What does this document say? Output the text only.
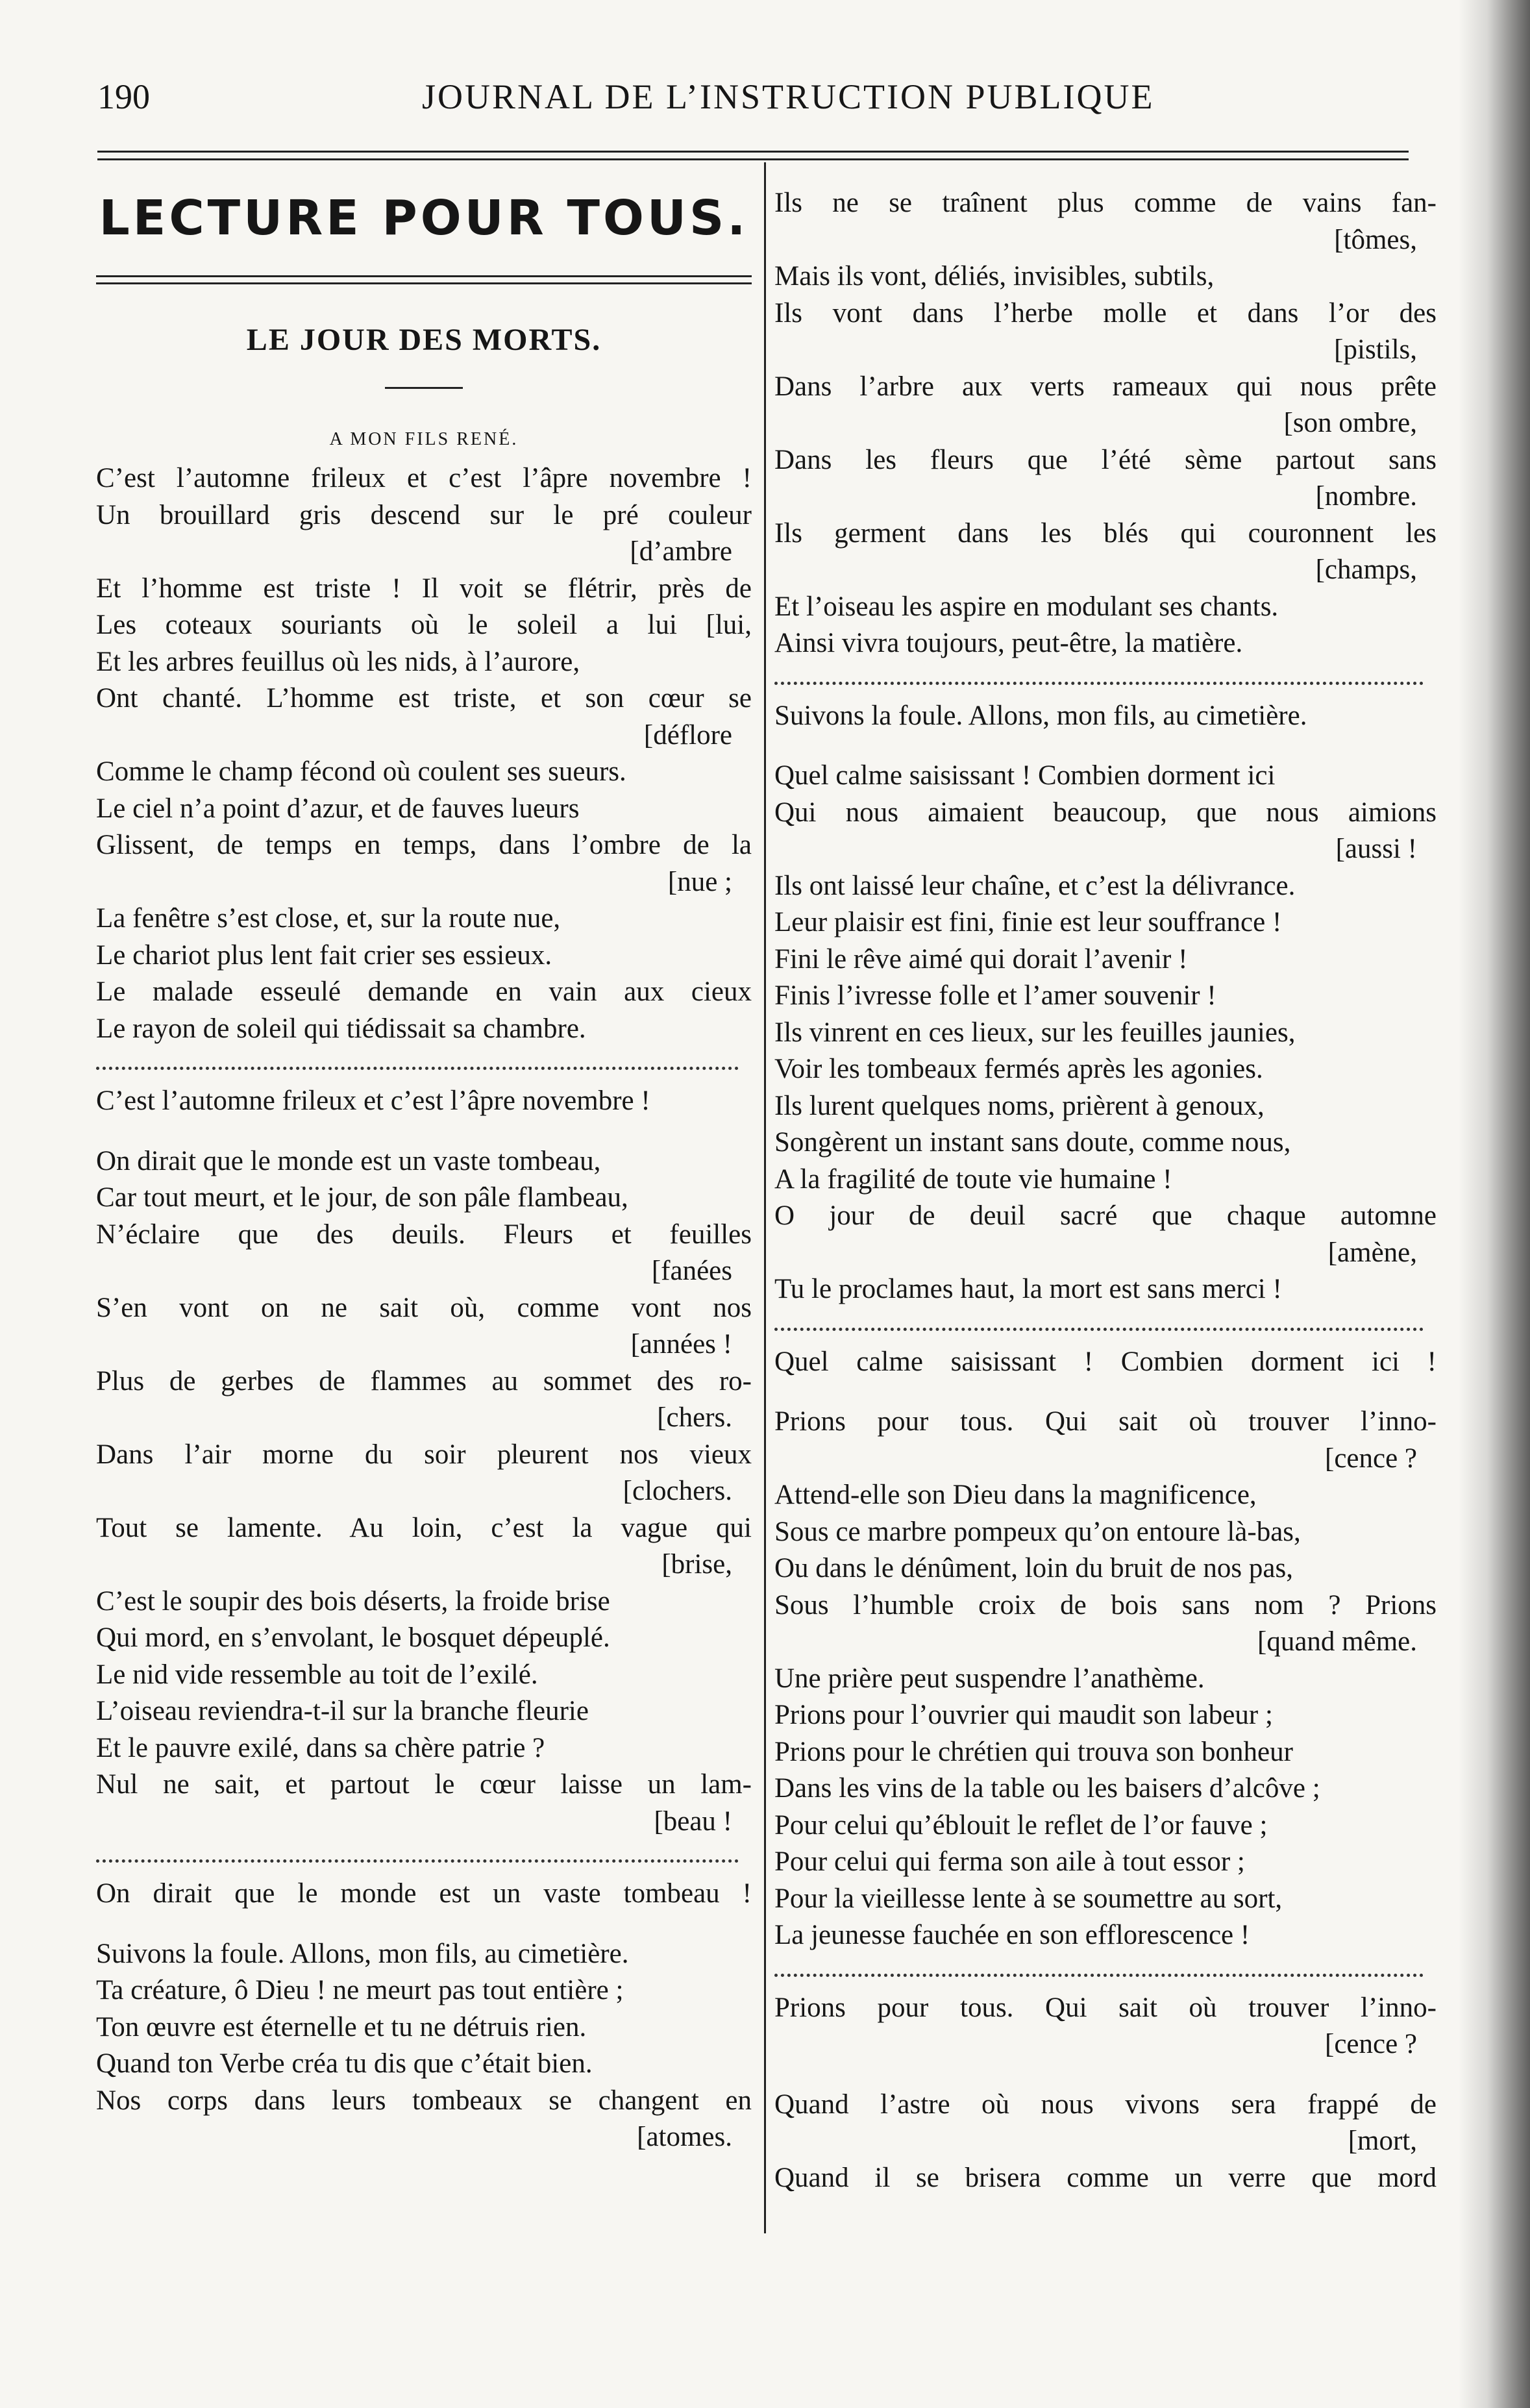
190	JOURNAL DE L’INSTRUCTION PUBLIQUE
LECTURE POUR TOUS.
LE JOUR DES MORTS.
A MON FILS RENÉ.
C’est l’automne frileux et c’est l’âpre novembre !
Un brouillard gris descend sur le pré couleur
[d’ambre
Et l’homme est triste ! Il voit se flétrir, près de
Les coteaux souriants où le soleil a lui [lui,
Et les arbres feuillus où les nids, à l’aurore,
Ont chanté. L’homme est triste, et son cœur se
[déflore
Comme le champ fécond où coulent ses sueurs.
Le ciel n’a point d’azur, et de fauves lueurs
Glissent, de temps en temps, dans l’ombre de la
[nue ;
La fenêtre s’est close, et, sur la route nue,
Le chariot plus lent fait crier ses essieux.
Le malade esseulé demande en vain aux cieux
Le rayon de soleil qui tiédissait sa chambre.
C’est l’automne frileux et c’est l’âpre novembre !
On dirait que le monde est un vaste tombeau,
Car tout meurt, et le jour, de son pâle flambeau,
N’éclaire que des deuils. Fleurs et feuilles
[fanées
S’en vont on ne sait où, comme vont nos
[années !
Plus de gerbes de flammes au sommet des ro-
[chers.
Dans l’air morne du soir pleurent nos vieux
[clochers.
Tout se lamente. Au loin, c’est la vague qui
[brise,
C’est le soupir des bois déserts, la froide brise
Qui mord, en s’envolant, le bosquet dépeuplé.
Le nid vide ressemble au toit de l’exilé.
L’oiseau reviendra-t-il sur la branche fleurie
Et le pauvre exilé, dans sa chère patrie ?
Nul ne sait, et partout le cœur laisse un lam-
[beau !
On dirait que le monde est un vaste tombeau !
Suivons la foule. Allons, mon fils, au cimetière.
Ta créature, ô Dieu ! ne meurt pas tout entière ;
Ton œuvre est éternelle et tu ne détruis rien.
Quand ton Verbe créa tu dis que c’était bien.
Nos corps dans leurs tombeaux se changent en
[atomes.
Ils ne se traînent plus comme de vains fan-
[tômes,
Mais ils vont, déliés, invisibles, subtils,
Ils vont dans l’herbe molle et dans l’or des
[pistils,
Dans l’arbre aux verts rameaux qui nous prête
[son ombre,
Dans les fleurs que l’été sème partout sans
[nombre.
Ils germent dans les blés qui couronnent les
[champs,
Et l’oiseau les aspire en modulant ses chants.
Ainsi vivra toujours, peut-être, la matière.
Suivons la foule. Allons, mon fils, au cimetière.
Quel calme saisissant ! Combien dorment ici
Qui nous aimaient beaucoup, que nous aimions
[aussi !
Ils ont laissé leur chaîne, et c’est la délivrance.
Leur plaisir est fini, finie est leur souffrance !
Fini le rêve aimé qui dorait l’avenir !
Finis l’ivresse folle et l’amer souvenir !
Ils vinrent en ces lieux, sur les feuilles jaunies,
Voir les tombeaux fermés après les agonies.
Ils lurent quelques noms, prièrent à genoux,
Songèrent un instant sans doute, comme nous,
A la fragilité de toute vie humaine !
O jour de deuil sacré que chaque automne
[amène,
Tu le proclames haut, la mort est sans merci !
Quel calme saisissant ! Combien dorment ici !
Prions pour tous. Qui sait où trouver l’inno-
[cence ?
Attend-elle son Dieu dans la magnificence,
Sous ce marbre pompeux qu’on entoure là-bas,
Ou dans le dénûment, loin du bruit de nos pas,
Sous l’humble croix de bois sans nom ? Prions
[quand même.
Une prière peut suspendre l’anathème.
Prions pour l’ouvrier qui maudit son labeur ;
Prions pour le chrétien qui trouva son bonheur
Dans les vins de la table ou les baisers d’alcôve ;
Pour celui qu’éblouit le reflet de l’or fauve ;
Pour celui qui ferma son aile à tout essor ;
Pour la vieillesse lente à se soumettre au sort,
La jeunesse fauchée en son efflorescence !
Prions pour tous. Qui sait où trouver l’inno-
[cence ?
Quand l’astre où nous vivons sera frappé de
[mort,
Quand il se brisera comme un verre que mord
